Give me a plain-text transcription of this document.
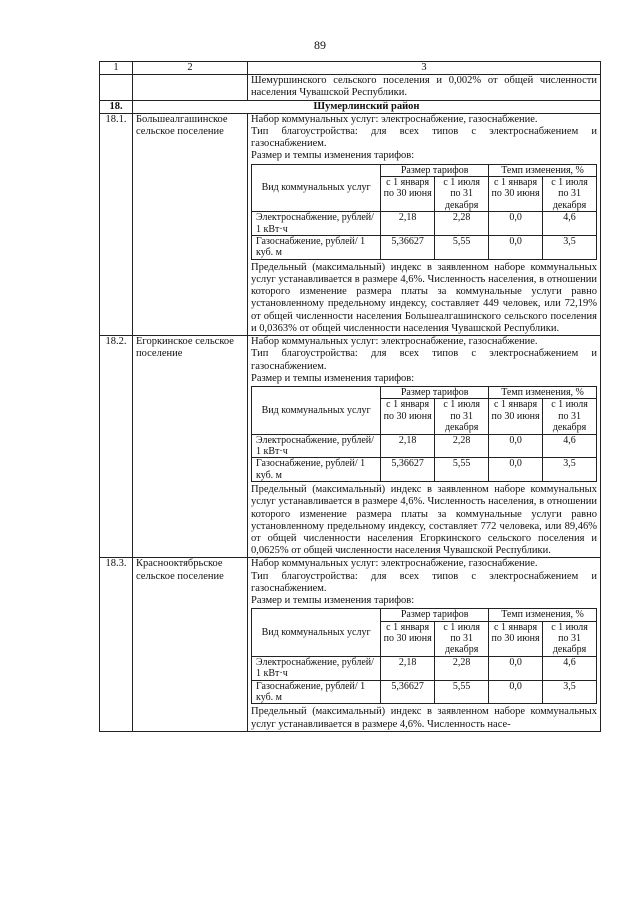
89
1	2	3
		Шемуршинского сельского поселения и 0,002% от общей численности населения Чувашской Республики.
18.	Шумерлинский район
18.1.	Большеалгашинское сельское поселение	
Набор коммунальных услуг: электроснабжение, газоснабжение.
Тип благоустройства: для всех типов с электроснабжением и газоснабжением.
Размер и темпы изменения тарифов:
Вид коммунальных услуг	Размер тарифов	Темп изменения, %
с 1 января по 30 июня	с 1 июля по 31 декабря	с 1 января по 30 июня	с 1 июля по 31 декабря
Электроснабжение, рублей/ 1 кВт·ч	2,18	2,28	0,0	4,6
Газоснабжение, рублей/ 1 куб. м	5,36627	5,55	0,0	3,5
Предельный (максимальный) индекс в заявленном наборе коммунальных услуг устанавливается в размере 4,6%. Численность населения, в отношении которого изменение размера платы за коммунальные услуги равно установленному предельному индексу, составляет 449 человек, или 72,19% от общей численности населения Большеалгашинского сельского поселения и 0,0363% от общей численности населения Чувашской Республики.

18.2.	Егоркинское сельское поселение	
Набор коммунальных услуг: электроснабжение, газоснабжение.
Тип благоустройства: для всех типов с электроснабжением и газоснабжением.
Размер и темпы изменения тарифов:
Вид коммунальных услуг	Размер тарифов	Темп изменения, %
с 1 января по 30 июня	с 1 июля по 31 декабря	с 1 января по 30 июня	с 1 июля по 31 декабря
Электроснабжение, рублей/ 1 кВт·ч	2,18	2,28	0,0	4,6
Газоснабжение, рублей/ 1 куб. м	5,36627	5,55	0,0	3,5
Предельный (максимальный) индекс в заявленном наборе коммунальных услуг устанавливается в размере 4,6%. Численность населения, в отношении которого изменение размера платы за коммунальные услуги равно установленному предельному индексу, составляет 772 человека, или 89,46% от общей численности населения Егоркинского сельского поселения и 0,0625% от общей численности населения Чувашской Республики.

18.3.	Красноoктябрьское сельское поселение	
Набор коммунальных услуг: электроснабжение, газоснабжение.
Тип благоустройства: для всех типов с электроснабжением и газоснабжением.
Размер и темпы изменения тарифов:
Вид коммунальных услуг	Размер тарифов	Темп изменения, %
с 1 января по 30 июня	с 1 июля по 31 декабря	с 1 января по 30 июня	с 1 июля по 31 декабря
Электроснабжение, рублей/ 1 кВт·ч	2,18	2,28	0,0	4,6
Газоснабжение, рублей/ 1 куб. м	5,36627	5,55	0,0	3,5
Предельный (максимальный) индекс в заявленном наборе коммунальных услуг устанавливается в размере 4,6%. Численность насе-
